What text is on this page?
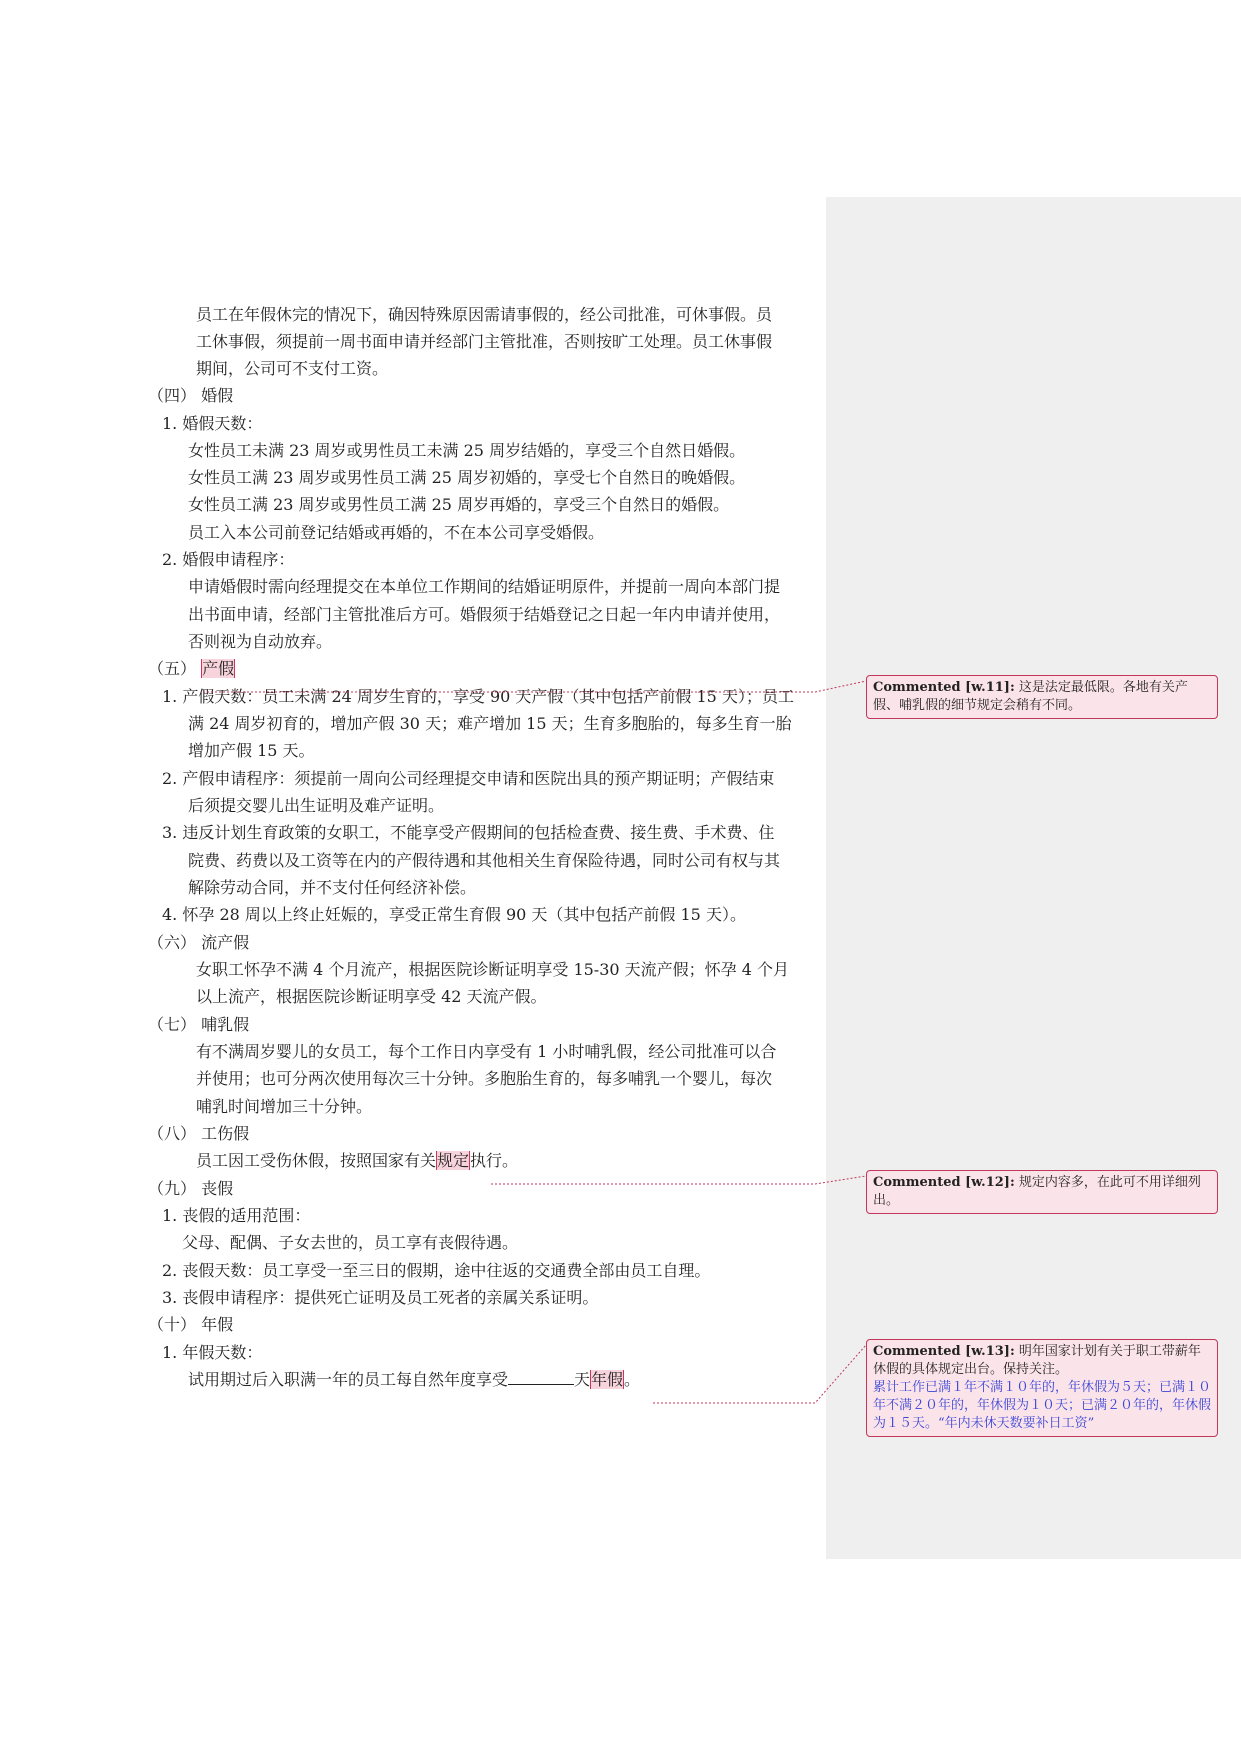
员工在年假休完的情况下，确因特殊原因需请事假的，经公司批准，可休事假。员
工休事假，须提前一周书面申请并经部门主管批准，否则按旷工处理。员工休事假
期间，公司可不支付工资。
（四） 婚假
1. 婚假天数：
女性员工未满 23 周岁或男性员工未满 25 周岁结婚的，享受三个自然日婚假。
女性员工满 23 周岁或男性员工满 25 周岁初婚的，享受七个自然日的晚婚假。
女性员工满 23 周岁或男性员工满 25 周岁再婚的，享受三个自然日的婚假。
员工入本公司前登记结婚或再婚的，不在本公司享受婚假。
2. 婚假申请程序：
申请婚假时需向经理提交在本单位工作期间的结婚证明原件，并提前一周向本部门提
出书面申请，经部门主管批准后方可。婚假须于结婚登记之日起一年内申请并使用，
否则视为自动放弃。
（五） 产假
1. 产假天数：员工未满 24 周岁生育的，享受 90 天产假（其中包括产前假 15 天）；员工
满 24 周岁初育的，增加产假 30 天；难产增加 15 天；生育多胞胎的，每多生育一胎
增加产假 15 天。
2. 产假申请程序：须提前一周向公司经理提交申请和医院出具的预产期证明；产假结束
后须提交婴儿出生证明及难产证明。
3. 违反计划生育政策的女职工，不能享受产假期间的包括检查费、接生费、手术费、住
院费、药费以及工资等在内的产假待遇和其他相关生育保险待遇，同时公司有权与其
解除劳动合同，并不支付任何经济补偿。
4. 怀孕 28 周以上终止妊娠的，享受正常生育假 90 天（其中包括产前假 15 天）。
（六） 流产假
女职工怀孕不满 4 个月流产，根据医院诊断证明享受 15-30 天流产假；怀孕 4 个月
以上流产，根据医院诊断证明享受 42 天流产假。
（七） 哺乳假
有不满周岁婴儿的女员工，每个工作日内享受有 1 小时哺乳假，经公司批准可以合
并使用；也可分两次使用每次三十分钟。多胞胎生育的，每多哺乳一个婴儿，每次
哺乳时间增加三十分钟。
（八） 工伤假
员工因工受伤休假，按照国家有关规定执行。
（九） 丧假
1. 丧假的适用范围：
父母、配偶、子女去世的，员工享有丧假待遇。
2. 丧假天数：员工享受一至三日的假期，途中往返的交通费全部由员工自理。
3. 丧假申请程序：提供死亡证明及员工死者的亲属关系证明。
（十） 年假
1. 年假天数：
试用期过后入职满一年的员工每自然年度享受	天年假。
Commented [w.11]: 这是法定最低限。各地有关产假、哺乳假的细节规定会稍有不同。
Commented [w.12]: 规定内容多，在此可不用详细列出。
Commented [w.13]: 明年国家计划有关于职工带薪年休假的具体规定出台。保持关注。
累计工作已满１年不满１０年的，年休假为５天；已满１０年不满２０年的，年休假为１０天；已满２０年的，年休假为１５天。“年内未休天数要补日工资”
